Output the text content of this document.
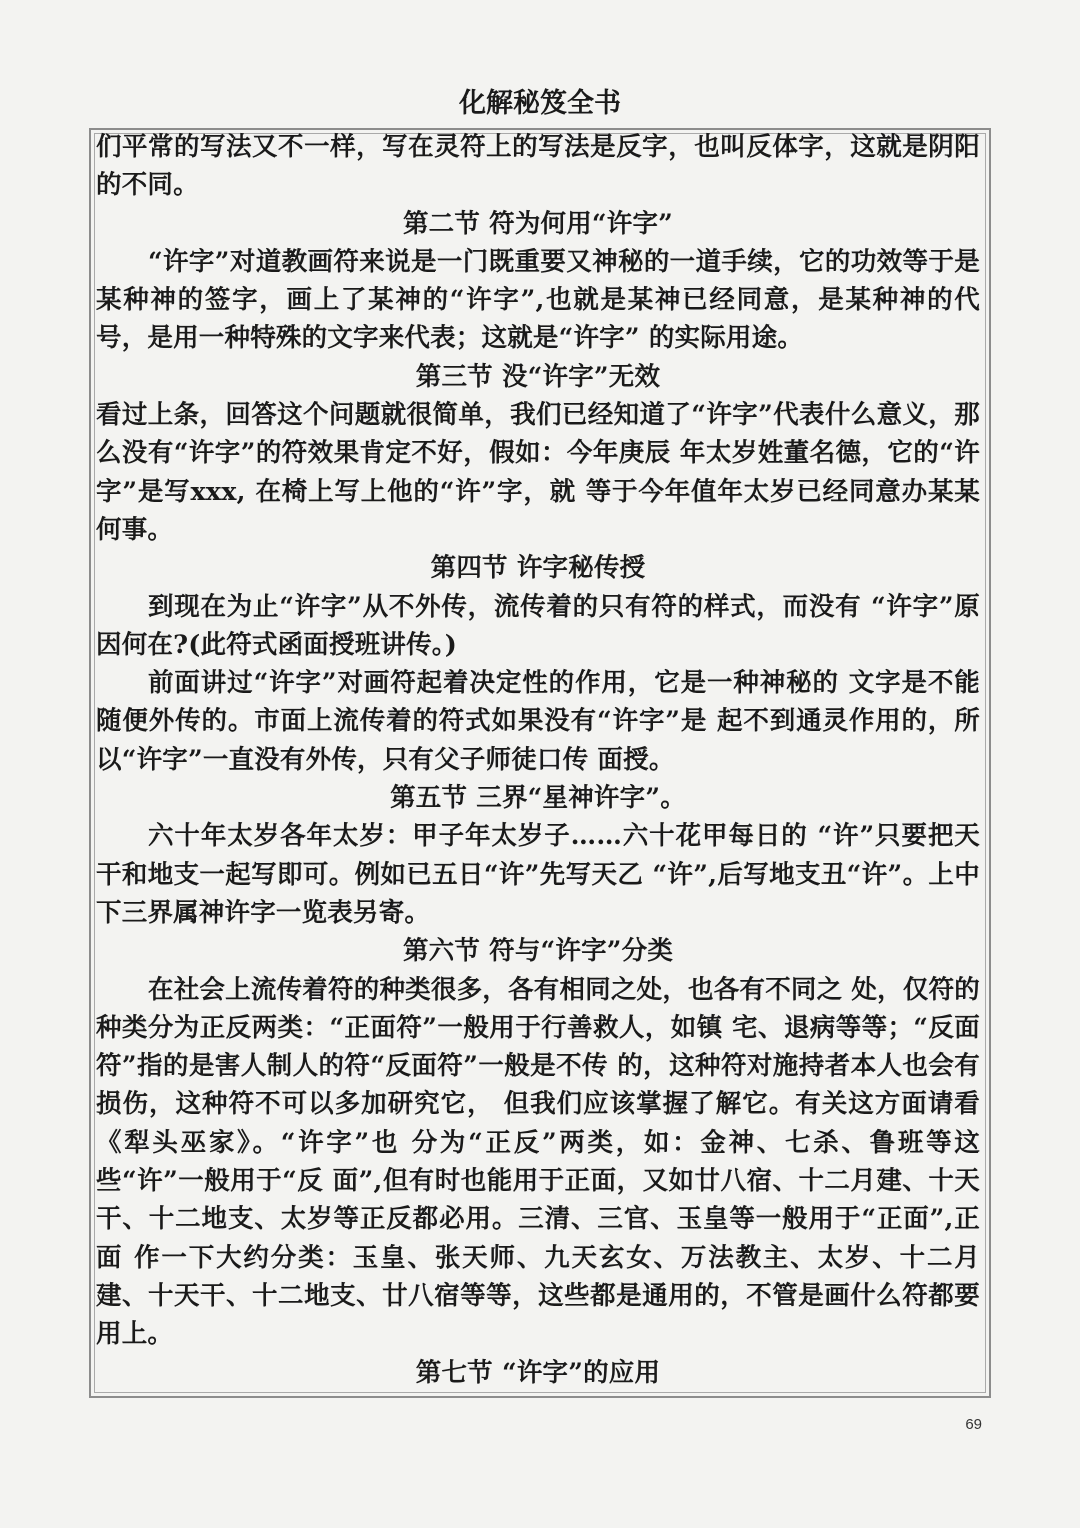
化解秘笈全书

们平常的写法又不一样，写在灵符上的写法是反字，也叫反体字，这就是阴阳的不同。

第二节 符为何用“许字”

“许字”对道教画符来说是一门既重要又神秘的一道手续，它的功效等于是某种神的签字，画上了某神的“许字”,也就是某神已经同意，是某种神的代号，是用一种特殊的文字来代表；这就是“许字” 的实际用途。

第三节 没“许字”无效

看过上条，回答这个问题就很简单，我们已经知道了“许字”代表什么意义，那么没有“许字”的符效果肯定不好，假如：今年庚辰 年太岁姓董名德，它的“许字”是写xxx, 在椅上写上他的“许”字，就 等于今年值年太岁已经同意办某某何事。

第四节 许字秘传授

到现在为止“许字”从不外传，流传着的只有符的样式，而没有 “许字”原因何在?(此符式函面授班讲传。)

前面讲过“许字”对画符起着决定性的作用，它是一种神秘的 文字是不能随便外传的。市面上流传着的符式如果没有“许字”是 起不到通灵作用的，所以“许字”一直没有外传，只有父子师徒口传 面授。

第五节 三界“星神许字”。

六十年太岁各年太岁：甲子年太岁子……六十花甲每日的 “许”只要把天干和地支一起写即可。例如已五日“许”先写天乙 “许”,后写地支丑“许”。上中下三界属神许字一览表另寄。

第六节 符与“许字”分类

在社会上流传着符的种类很多，各有相同之处，也各有不同之 处，仅符的种类分为正反两类：“正面符”一般用于行善救人，如镇 宅、退病等等；“反面符”指的是害人制人的符“反面符”一般是不传 的，这种符对施持者本人也会有损伤，这种符不可以多加研究它， 但我们应该掌握了解它。有关这方面请看《犁头巫家》。“许字”也 分为“正反”两类，如：金神、七杀、鲁班等这些“许”一般用于“反 面”,但有时也能用于正面，又如廿八宿、十二月建、十天干、十二地支、太岁等正反都必用。三清、三官、玉皇等一般用于“正面”,正面 作一下大约分类：玉皇、张天师、九天玄女、万法教主、太岁、十二月 建、十天干、十二地支、廿八宿等等，这些都是通用的，不管是画什么符都要用上。

第七节 “许字”的应用
69
